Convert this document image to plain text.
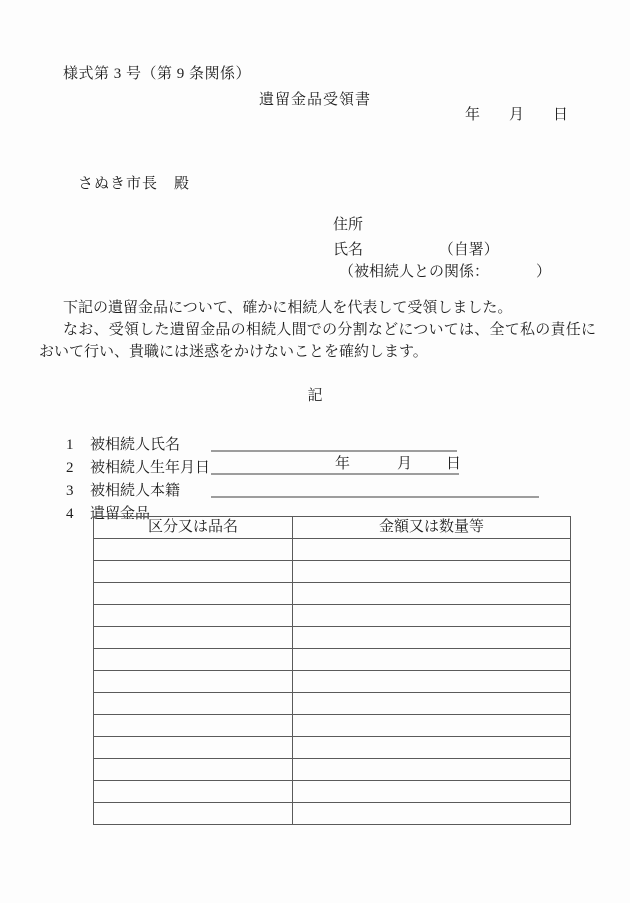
様式第 3 号（第 9 条関係）
遺留金品受領書
年 月 日
さぬき市長　殿
住所
氏名	（自署）
（被相続人との関係：	）

下記の遺留金品について、確かに相続人を代表して受領しました。

なお、受領した遺留金品の相続人間での分割などについては、全て私の責任において行い、貴職には迷惑をかけないことを確約します。

記
1 被相続人氏名
2 被相続人生年月日	年	月 日
3 被相続人本籍
4 遺留金品
区分又は品名	金額又は数量等
